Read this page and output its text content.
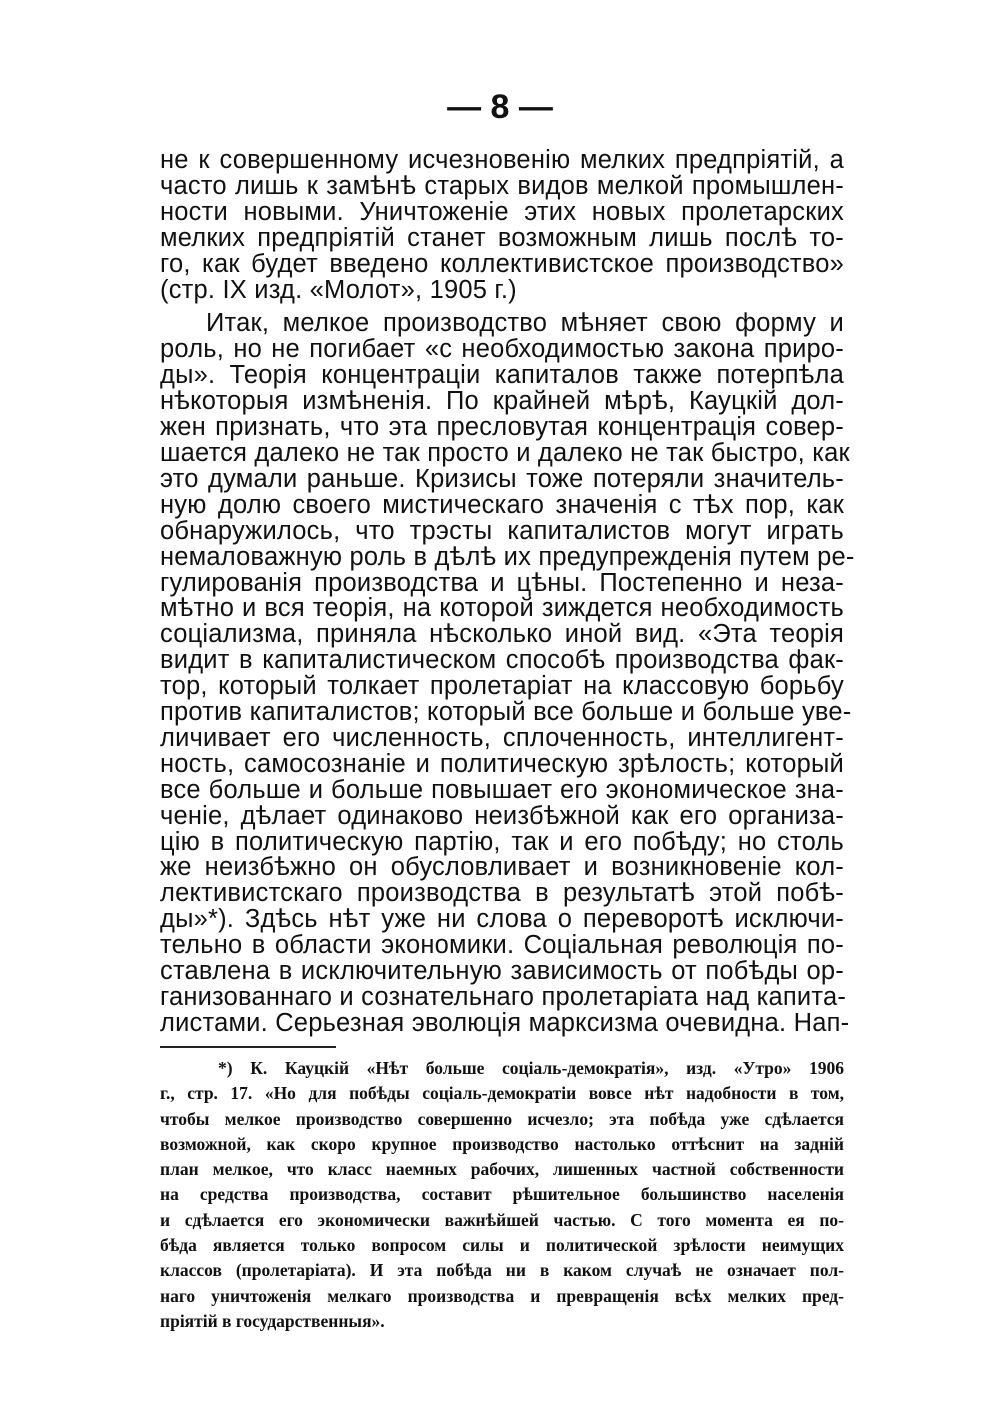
— 8 —
не к совершенному исчезновенію мелких предпріятій, а
часто лишь к замѣнѣ старых видов мелкой промышлен-
ности новыми. Уничтоженіе этих новых пролетарских
мелких предпріятій станет возможным лишь послѣ то-
го, как будет введено коллективистское производство»
(стр. IX изд. «Молот», 1905 г.)
Итак, мелкое производство мѣняет свою форму и
роль, но не погибает «с необходимостью закона приро-
ды». Теорія концентраціи капиталов также потерпѣла
нѣкоторыя измѣненія. По крайней мѣрѣ, Кауцкій дол-
жен признать, что эта пресловутая концентрація совер-
шается далеко не так просто и далеко не так быстро, как
это думали раньше. Кризисы тоже потеряли значитель-
ную долю своего мистическаго значенія с тѣх пор, как
обнаружилось, что трэсты капиталистов могут играть
немаловажную роль в дѣлѣ их предупрежденія путем ре-
гулированія производства и цѣны. Постепенно и неза-
мѣтно и вся теорія, на которой зиждется необходимость
соціализма, приняла нѣсколько иной вид. «Эта теорія
видит в капиталистическом способѣ производства фак-
тор, который толкает пролетаріат на классовую борьбу
против капиталистов; который все больше и больше уве-
личивает его численность, сплоченность, интеллигент-
ность, самосознаніе и политическую зрѣлость; который
все больше и больше повышает его экономическое зна-
ченіе, дѣлает одинаково неизбѣжной как его организа-
цію в политическую партію, так и его побѣду; но столь
же неизбѣжно он обусловливает и возникновеніе кол-
лективистскаго производства в результатѣ этой побѣ-
ды»*). Здѣсь нѣт уже ни слова о переворотѣ исключи-
тельно в области экономики. Соціальная революція по-
ставлена в исключительную зависимость от побѣды ор-
ганизованнаго и сознательнаго пролетаріата над капита-
листами. Серьезная эволюція марксизма очевидна. Нап-
*) К. Кауцкій «Нѣт больше соціаль-демократія», изд. «Утро» 1906
г., стр. 17. «Но для побѣды соціаль-демократіи вовсе нѣт надобности в том,
чтобы мелкое производство совершенно исчезло; эта побѣда уже сдѣлается
возможной, как скоро крупное производство настолько оттѣснит на задній
план мелкое, что класс наемных рабочих, лишенных частной собственности
на средства производства, составит рѣшительное большинство населенія
и сдѣлается его экономически важнѣйшей частью. С того момента ея по-
бѣда является только вопросом силы и политической зрѣлости неимущих
классов (пролетаріата). И эта побѣда ни в каком случаѣ не означает пол-
наго уничтоженія мелкаго производства и превращенія всѣх мелких пред-
пріятій в государственныя».
